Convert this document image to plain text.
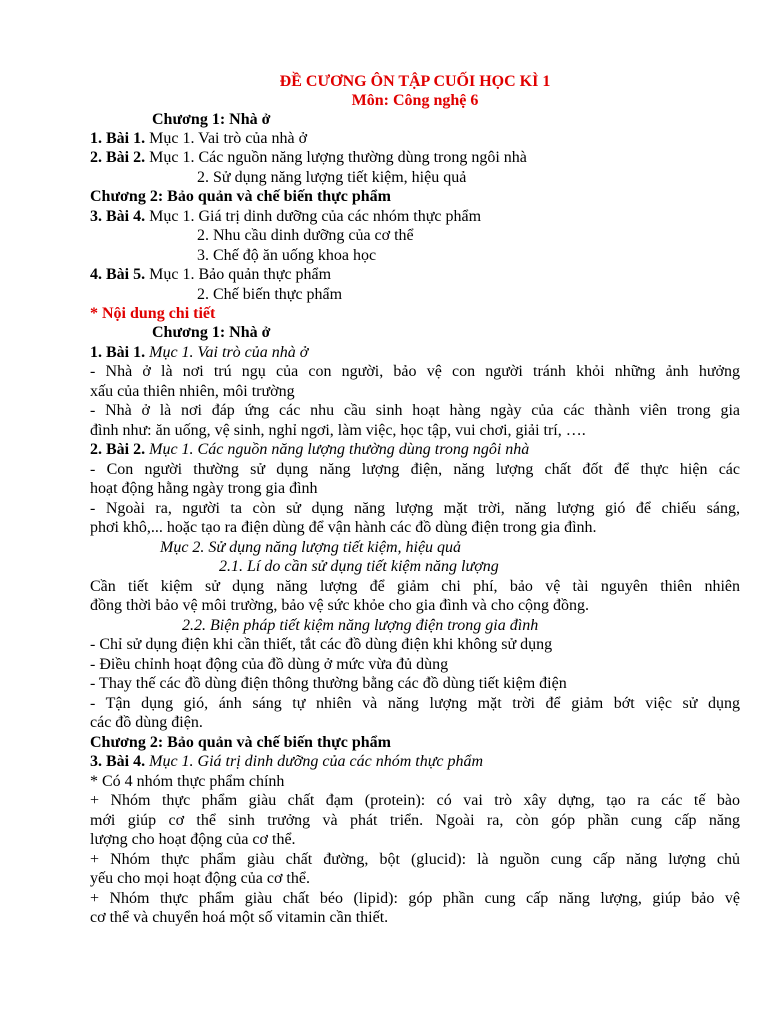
ĐỀ CƯƠNG ÔN TẬP CUỐI HỌC KÌ 1

Môn: Công nghệ 6

Chương 1: Nhà ở

1. Bài 1. Mục 1. Vai trò của nhà ở

2. Bài 2. Mục 1. Các nguồn năng lượng thường dùng trong ngôi nhà

2. Sử dụng năng lượng tiết kiệm, hiệu quả

Chương 2: Bảo quản và chế biến thực phẩm

3. Bài 4. Mục 1. Giá trị dinh dưỡng của các nhóm thực phẩm

2. Nhu cầu dinh dưỡng của cơ thể

3. Chế độ ăn uống khoa học

4. Bài 5. Mục 1. Bảo quản thực phẩm

2. Chế biến thực phẩm

* Nội dung chi tiết

Chương 1: Nhà ở

1. Bài 1. Mục 1. Vai trò của nhà ở

- Nhà ở là nơi trú ngụ của con người, bảo vệ con người tránh khỏi những ảnh hưởng

xấu của thiên nhiên, môi trường

- Nhà ở là nơi đáp ứng các nhu cầu sinh hoạt hàng ngày của các thành viên trong gia

đình như: ăn uống, vệ sinh, nghỉ ngơi, làm việc, học tập, vui chơi, giải trí, ….

2. Bài 2. Mục 1. Các nguồn năng lượng thường dùng trong ngôi nhà

- Con người thường sử dụng năng lượng điện, năng lượng chất đốt để thực hiện các

hoạt động hằng ngày trong gia đình

- Ngoài ra, người ta còn sử dụng năng lượng mặt trời, năng lượng gió để chiếu sáng,

phơi khô,... hoặc tạo ra điện dùng để vận hành các đồ dùng điện trong gia đình.

Mục 2. Sử dụng năng lượng tiết kiệm, hiệu quả

2.1. Lí do cần sử dụng tiết kiệm năng lượng

Cần tiết kiệm sử dụng năng lượng để giảm chi phí, bảo vệ tài nguyên thiên nhiên

đồng thời bảo vệ môi trường, bảo vệ sức khỏe cho gia đình và cho cộng đồng.

2.2. Biện pháp tiết kiệm năng lượng điện trong gia đình

- Chỉ sử dụng điện khi cần thiết, tắt các đồ dùng điện khi không sử dụng

- Điều chỉnh hoạt động của đồ dùng ở mức vừa đủ dùng

- Thay thế các đồ dùng điện thông thường bằng các đồ dùng tiết kiệm điện

- Tận dụng gió, ánh sáng tự nhiên và năng lượng mặt trời để giảm bớt việc sử dụng

các đồ dùng điện.

Chương 2: Bảo quản và chế biến thực phẩm

3. Bài 4. Mục 1. Giá trị dinh dưỡng của các nhóm thực phẩm

* Có 4 nhóm thực phẩm chính

+ Nhóm thực phẩm giàu chất đạm (protein): có vai trò xây dựng, tạo ra các tế bào

mới giúp cơ thể sinh trưởng và phát triển. Ngoài ra, còn góp phần cung cấp năng

lượng cho hoạt động của cơ thể.

+ Nhóm thực phẩm giàu chất đường, bột (glucid): là nguồn cung cấp năng lượng chủ

yếu cho mọi hoạt động của cơ thể.

+ Nhóm thực phẩm giàu chất béo (lipid): góp phần cung cấp năng lượng, giúp bảo vệ

cơ thể và chuyển hoá một số vitamin cần thiết.
